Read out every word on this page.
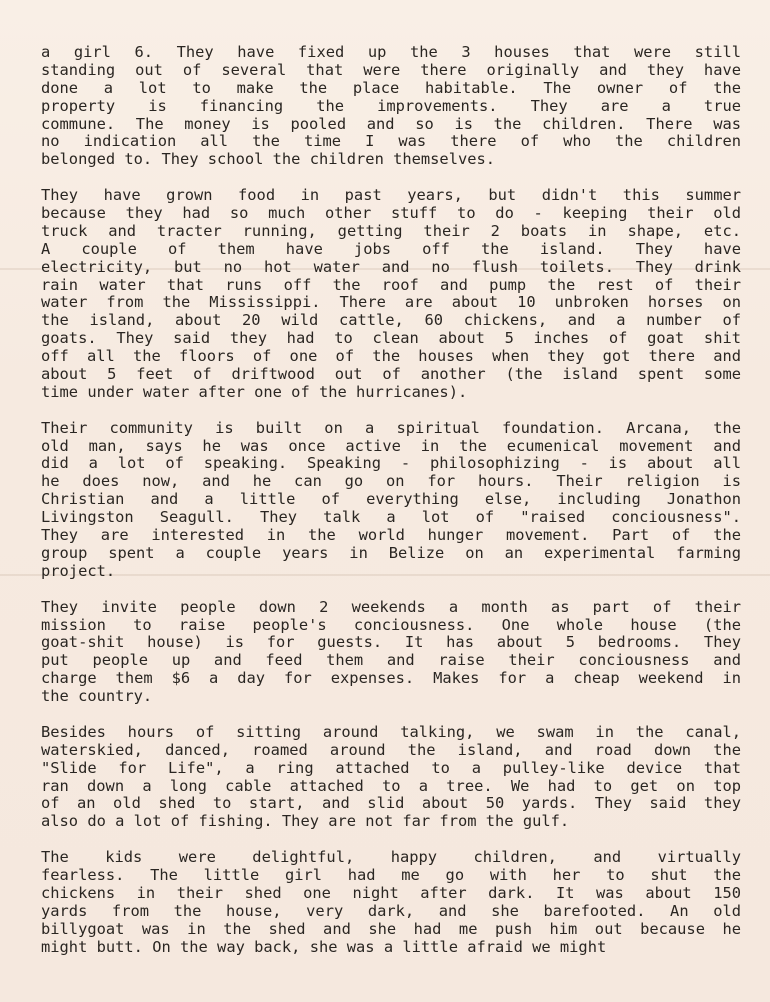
a girl 6. They have fixed up the 3 houses that were still
standing out of several that were there originally and they have
done a lot to make the place habitable. The owner of the
property is financing the improvements. They are a true
commune. The money is pooled and so is the children. There was
no indication all the time I was there of who the children
belonged to. They school the children themselves.
They have grown food in past years, but didn't this summer
because they had so much other stuff to do - keeping their old
truck and tracter running, getting their 2 boats in shape, etc.
A couple of them have jobs off the island. They have
electricity, but no hot water and no flush toilets. They drink
rain water that runs off the roof and pump the rest of their
water from the Mississippi. There are about 10 unbroken horses on
the island, about 20 wild cattle, 60 chickens, and a number of
goats. They said they had to clean about 5 inches of goat shit
off all the floors of one of the houses when they got there and
about 5 feet of driftwood out of another (the island spent some
time under water after one of the hurricanes).
Their community is built on a spiritual foundation. Arcana, the
old man, says he was once active in the ecumenical movement and
did a lot of speaking. Speaking - philosophizing - is about all
he does now, and he can go on for hours. Their religion is
Christian and a little of everything else, including Jonathon
Livingston Seagull. They talk a lot of "raised conciousness".
They are interested in the world hunger movement. Part of the
group spent a couple years in Belize on an experimental farming
project.
They invite people down 2 weekends a month as part of their
mission to raise people's conciousness. One whole house (the
goat-shit house) is for guests. It has about 5 bedrooms. They
put people up and feed them and raise their conciousness and
charge them $6 a day for expenses. Makes for a cheap weekend in
the country.
Besides hours of sitting around talking, we swam in the canal,
waterskied, danced, roamed around the island, and road down the
"Slide for Life", a ring attached to a pulley-like device that
ran down a long cable attached to a tree. We had to get on top
of an old shed to start, and slid about 50 yards. They said they
also do a lot of fishing. They are not far from the gulf.
The kids were delightful, happy children, and virtually
fearless. The little girl had me go with her to shut the
chickens in their shed one night after dark. It was about 150
yards from the house, very dark, and she barefooted. An old
billygoat was in the shed and she had me push him out because he
might butt. On the way back, she was a little afraid we might
